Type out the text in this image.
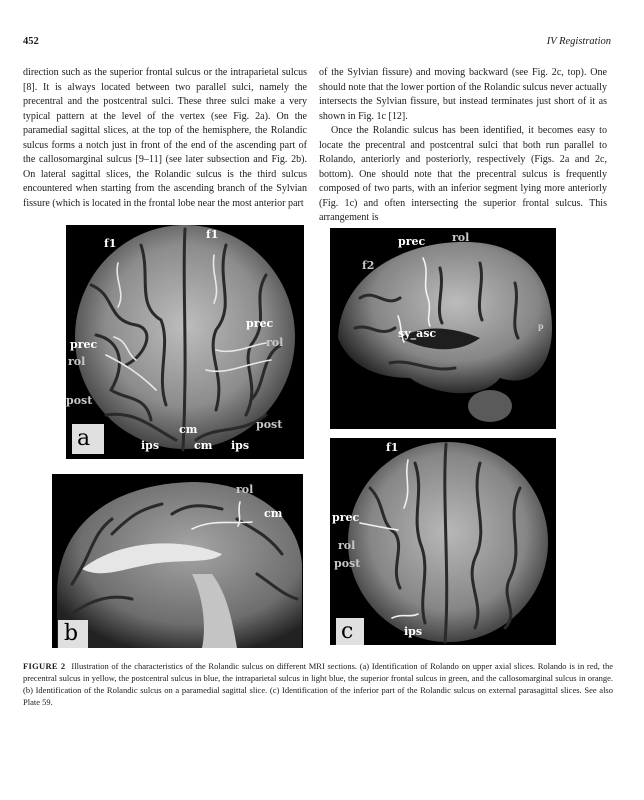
452	IV Registration

direction such as the superior frontal sulcus or the intraparietal sulcus [8]. It is always located between two parallel sulci, namely the precentral and the postcentral sulci. These three sulci make a very typical pattern at the level of the vertex (see Fig. 2a). On the paramedial sagittal slices, at the top of the hemisphere, the Rolandic sulcus forms a notch just in front of the end of the ascending part of the callosomarginal sulcus [9–11] (see later subsection and Fig. 2b). On lateral sagittal slices, the Rolandic sulcus is the third sulcus encountered when starting from the ascending branch of the Sylvian fissure (which is located in the frontal lobe near the most anterior part

of the Sylvian fissure) and moving backward (see Fig. 2c, top). One should note that the lower portion of the Rolandic sulcus never actually intersects the Sylvian fissure, but instead terminates just short of it as shown in Fig. 1c [12].

Once the Rolandic sulcus has been identified, it becomes easy to locate the precentral and postcentral sulci that both run parallel to Rolando, anteriorly and posteriorly, respectively (Figs. 2a and 2c, bottom). One should note that the precentral sulcus is frequently composed of two parts, with an inferior segment lying more anteriorly (Fig. 1c) and often intersecting the superior frontal sulcus. This arrangement is

f1
f1
prec
rol
prec
rol
post
cm	post
ips	cm ips
a
rol
cm
b
prec rol
f2
sy_asc
p
f1
prec
rol
post
ips
c
FIGURE 2 Illustration of the characteristics of the Rolandic sulcus on different MRI sections. (a) Identification of Rolando on upper axial slices. Rolando is in red, the precentral sulcus in yellow, the postcentral sulcus in blue, the intraparietal sulcus in light blue, the superior frontal sulcus in green, and the callosomarginal sulcus in orange. (b) Identification of the Rolandic sulcus on a paramedial sagittal slice. (c) Identification of the inferior part of the Rolandic sulcus on external parasagittal slices. See also Plate 59.
